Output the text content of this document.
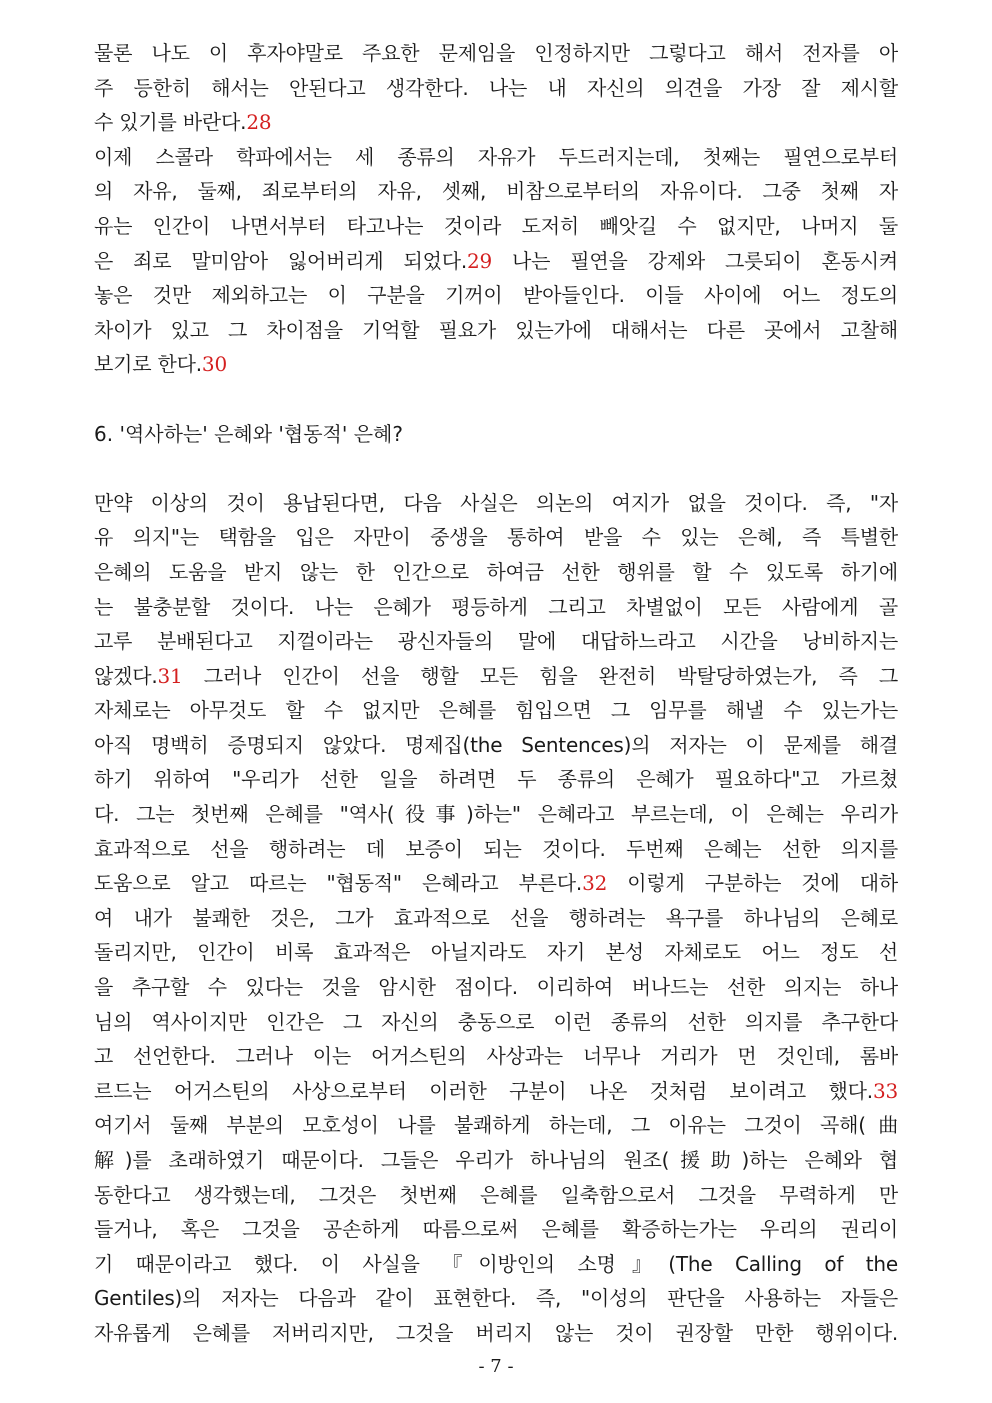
물론 나도 이 후자야말로 주요한 문제임을 인정하지만 그렇다고 해서 전자를 아
주 등한히 해서는 안된다고 생각한다. 나는 내 자신의 의견을 가장 잘 제시할
수 있기를 바란다.28
이제 스콜라 학파에서는 세 종류의 자유가 두드러지는데, 첫째는 필연으로부터
의 자유, 둘째, 죄로부터의 자유, 셋째, 비참으로부터의 자유이다. 그중 첫째 자
유는 인간이 나면서부터 타고나는 것이라 도저히 빼앗길 수 없지만, 나머지 둘
은 죄로 말미암아 잃어버리게 되었다.29 나는 필연을 강제와 그릇되이 혼동시켜
놓은 것만 제외하고는 이 구분을 기꺼이 받아들인다. 이들 사이에 어느 정도의
차이가 있고 그 차이점을 기억할 필요가 있는가에 대해서는 다른 곳에서 고찰해
보기로 한다.30
6. '역사하는' 은혜와 '협동적' 은혜?
만약 이상의 것이 용납된다면, 다음 사실은 의논의 여지가 없을 것이다. 즉, "자
유 의지"는 택함을 입은 자만이 중생을 통하여 받을 수 있는 은혜, 즉 특별한
은혜의 도움을 받지 않는 한 인간으로 하여금 선한 행위를 할 수 있도록 하기에
는 불충분할 것이다. 나는 은혜가 평등하게 그리고 차별없이 모든 사람에게 골
고루 분배된다고 지껄이라는 광신자들의 말에 대답하느라고 시간을 낭비하지는
않겠다.31 그러나 인간이 선을 행할 모든 힘을 완전히 박탈당하였는가, 즉 그
자체로는 아무것도 할 수 없지만 은혜를 힘입으면 그 임무를 해낼 수 있는가는
아직 명백히 증명되지 않았다. 명제집(the Sentences)의 저자는 이 문제를 해결
하기 위하여 "우리가 선한 일을 하려면 두 종류의 은혜가 필요하다"고 가르쳤
다. 그는 첫번째 은혜를 "역사(役事)하는" 은혜라고 부르는데, 이 은혜는 우리가
효과적으로 선을 행하려는 데 보증이 되는 것이다. 두번째 은혜는 선한 의지를
도움으로 알고 따르는 "협동적" 은혜라고 부른다.32 이렇게 구분하는 것에 대하
여 내가 불쾌한 것은, 그가 효과적으로 선을 행하려는 욕구를 하나님의 은혜로
돌리지만, 인간이 비록 효과적은 아닐지라도 자기 본성 자체로도 어느 정도 선
을 추구할 수 있다는 것을 암시한 점이다. 이리하여 버나드는 선한 의지는 하나
님의 역사이지만 인간은 그 자신의 충동으로 이런 종류의 선한 의지를 추구한다
고 선언한다. 그러나 이는 어거스틴의 사상과는 너무나 거리가 먼 것인데, 롬바
르드는 어거스틴의 사상으로부터 이러한 구분이 나온 것처럼 보이려고 했다.33
여기서 둘째 부분의 모호성이 나를 불쾌하게 하는데, 그 이유는 그것이 곡해(曲
解)를 초래하였기 때문이다. 그들은 우리가 하나님의 원조(援助)하는 은혜와 협
동한다고 생각했는데, 그것은 첫번째 은혜를 일축함으로서 그것을 무력하게 만
들거나, 혹은 그것을 공손하게 따름으로써 은혜를 확증하는가는 우리의 권리이
기 때문이라고 했다. 이 사실을 『이방인의 소명』(The Calling of the
Gentiles)의 저자는 다음과 같이 표현한다. 즉, "이성의 판단을 사용하는 자들은
자유롭게 은혜를 저버리지만, 그것을 버리지 않는 것이 권장할 만한 행위이다.
- 7 -
